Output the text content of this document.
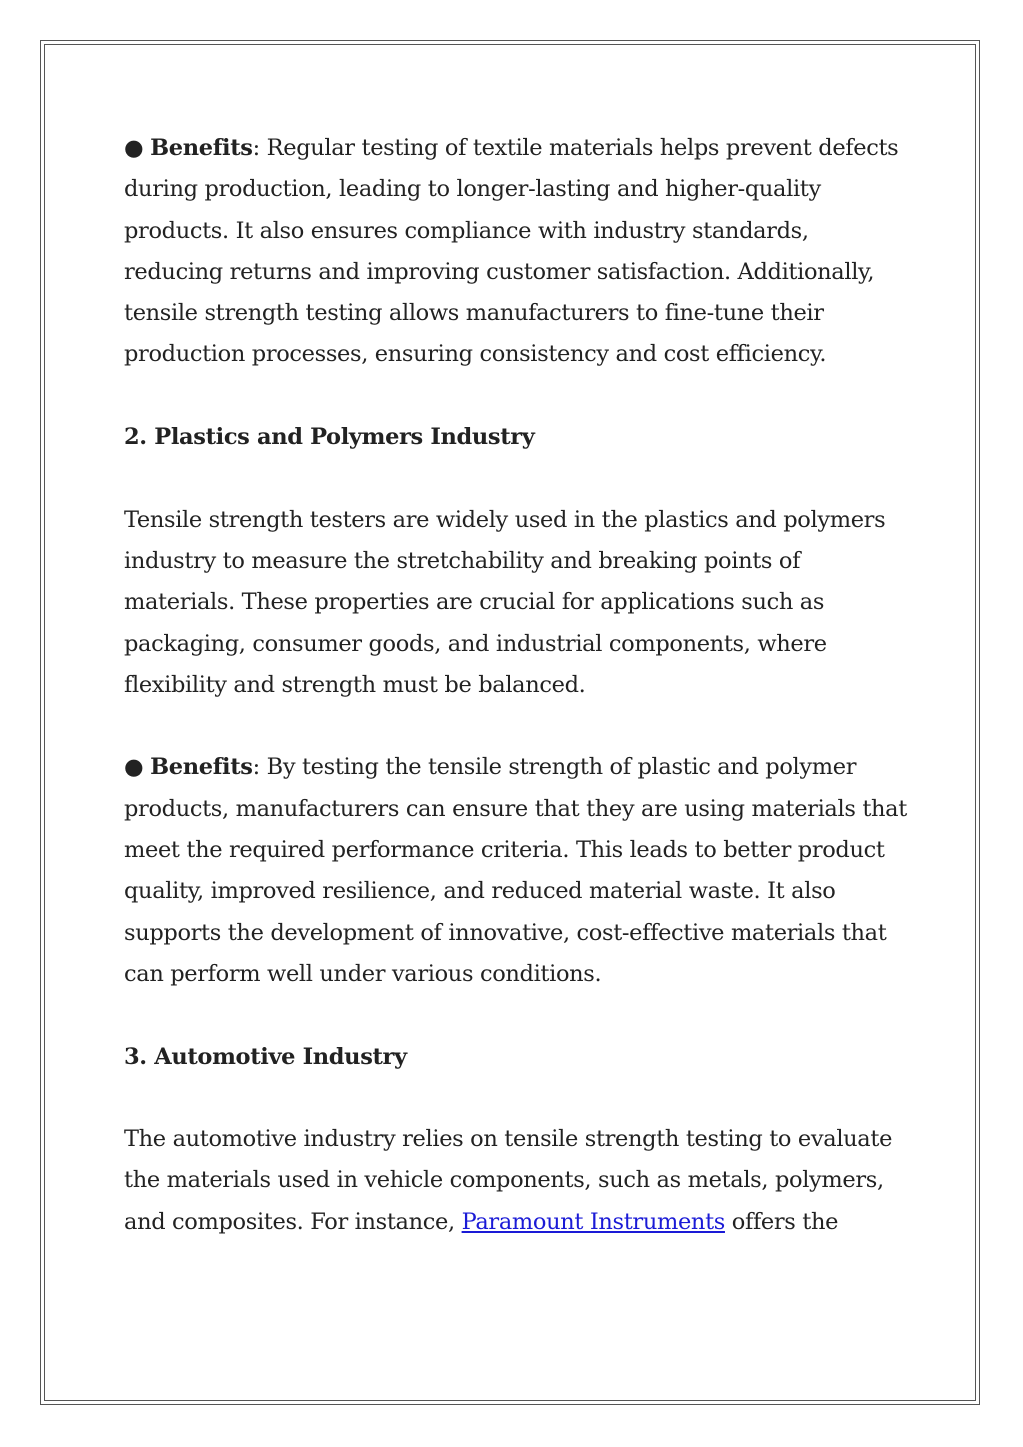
● Benefits: Regular testing of textile materials helps prevent defects during production, leading to longer-lasting and higher-quality products. It also ensures compliance with industry standards, reducing returns and improving customer satisfaction. Additionally, tensile strength testing allows manufacturers to fine-tune their production processes, ensuring consistency and cost efficiency.

2. Plastics and Polymers Industry

Tensile strength testers are widely used in the plastics and polymers industry to measure the stretchability and breaking points of materials. These properties are crucial for applications such as packaging, consumer goods, and industrial components, where flexibility and strength must be balanced.

● Benefits: By testing the tensile strength of plastic and polymer products, manufacturers can ensure that they are using materials that meet the required performance criteria. This leads to better product quality, improved resilience, and reduced material waste. It also supports the development of innovative, cost-effective materials that can perform well under various conditions.

3. Automotive Industry

The automotive industry relies on tensile strength testing to evaluate the materials used in vehicle components, such as metals, polymers, and composites. For instance, Paramount Instruments offers the
